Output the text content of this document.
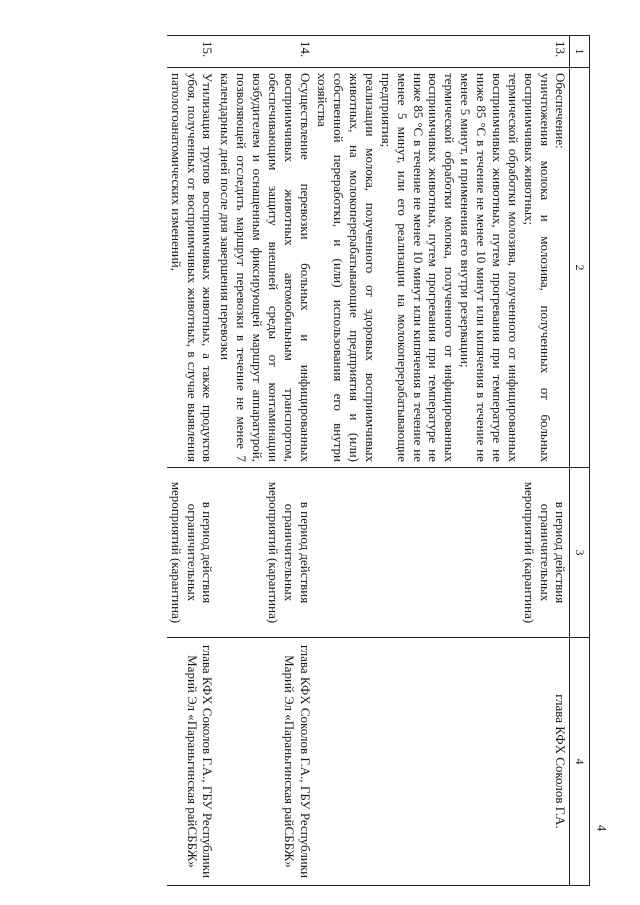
4
1	2	3	4
13.	Обеспечение:

уничтожения молока и молозива, полученных от больных восприимчивых животных;

термической обработки молозива, полученного от инфицированных восприимчивых животных, путем прогревания при температуре не ниже 85 °С в течение не менее 10 минут или кипячения в течение не менее 5 минут, и применения его внутри резервации;

термической обработки молока, полученного от инфицированных восприимчивых животных, путем прогревания при температуре не ниже 85 °С в течение не менее 10 минут или кипячения в течение не менее 5 минут, или его реализации на молокоперерабатывающие предприятия;

реализации молока, полученного от здоровых восприимчивых животных, на молокоперерабатывающие предприятия и (или) собственной переработки, и (или) использования его внутри хозяйства	в период действия ограничительных мероприятий (карантина)	глава КФХ Соколов Г.А.
14.	Осуществление перевозки больных и инфицированных восприимчивых животных автомобильным транспортом, обеспечивающим защиту внешней среды от контаминации возбудителем и оснащенным фиксирующей маршрут аппаратурой, позволяющей отследить маршрут перевозки в течение не менее 7 календарных дней после дня завершения перевозки	в период действия ограничительных мероприятий (карантина)	глава КФХ Соколов Г.А., ГБУ Республики Марий Эл «Параньгинская райСББЖ»
15.	Утилизация трупов восприимчивых животных, а также продуктов убоя, полученных от восприимчивых животных, в случае выявления патологоанатомических изменений,	в период действия ограничительных мероприятий (карантина)	глава КФХ Соколов Г.А., ГБУ Республики Марий Эл «Параньгинская райСББЖ»
